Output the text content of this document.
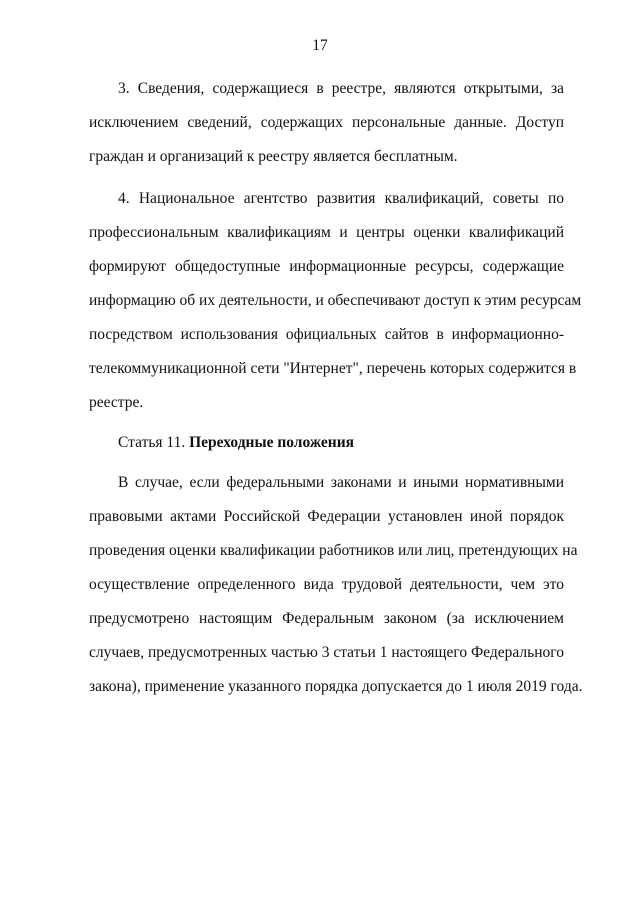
17
3. Сведения, содержащиеся в реестре, являются открытыми, за
исключением сведений, содержащих персональные данные. Доступ
граждан и организаций к реестру является бесплатным.
4. Национальное агентство развития квалификаций, советы по
профессиональным квалификациям и центры оценки квалификаций
формируют общедоступные информационные ресурсы, содержащие
информацию об их деятельности, и обеспечивают доступ к этим ресурсам
посредством использования официальных сайтов в информационно-
телекоммуникационной сети "Интернет", перечень которых содержится в
реестре.
Статья 11. Переходные положения
В случае, если федеральными законами и иными нормативными
правовыми актами Российской Федерации установлен иной порядок
проведения оценки квалификации работников или лиц, претендующих на
осуществление определенного вида трудовой деятельности, чем это
предусмотрено настоящим Федеральным законом (за исключением
случаев, предусмотренных частью 3 статьи 1 настоящего Федерального
закона), применение указанного порядка допускается до 1 июля 2019 года.
